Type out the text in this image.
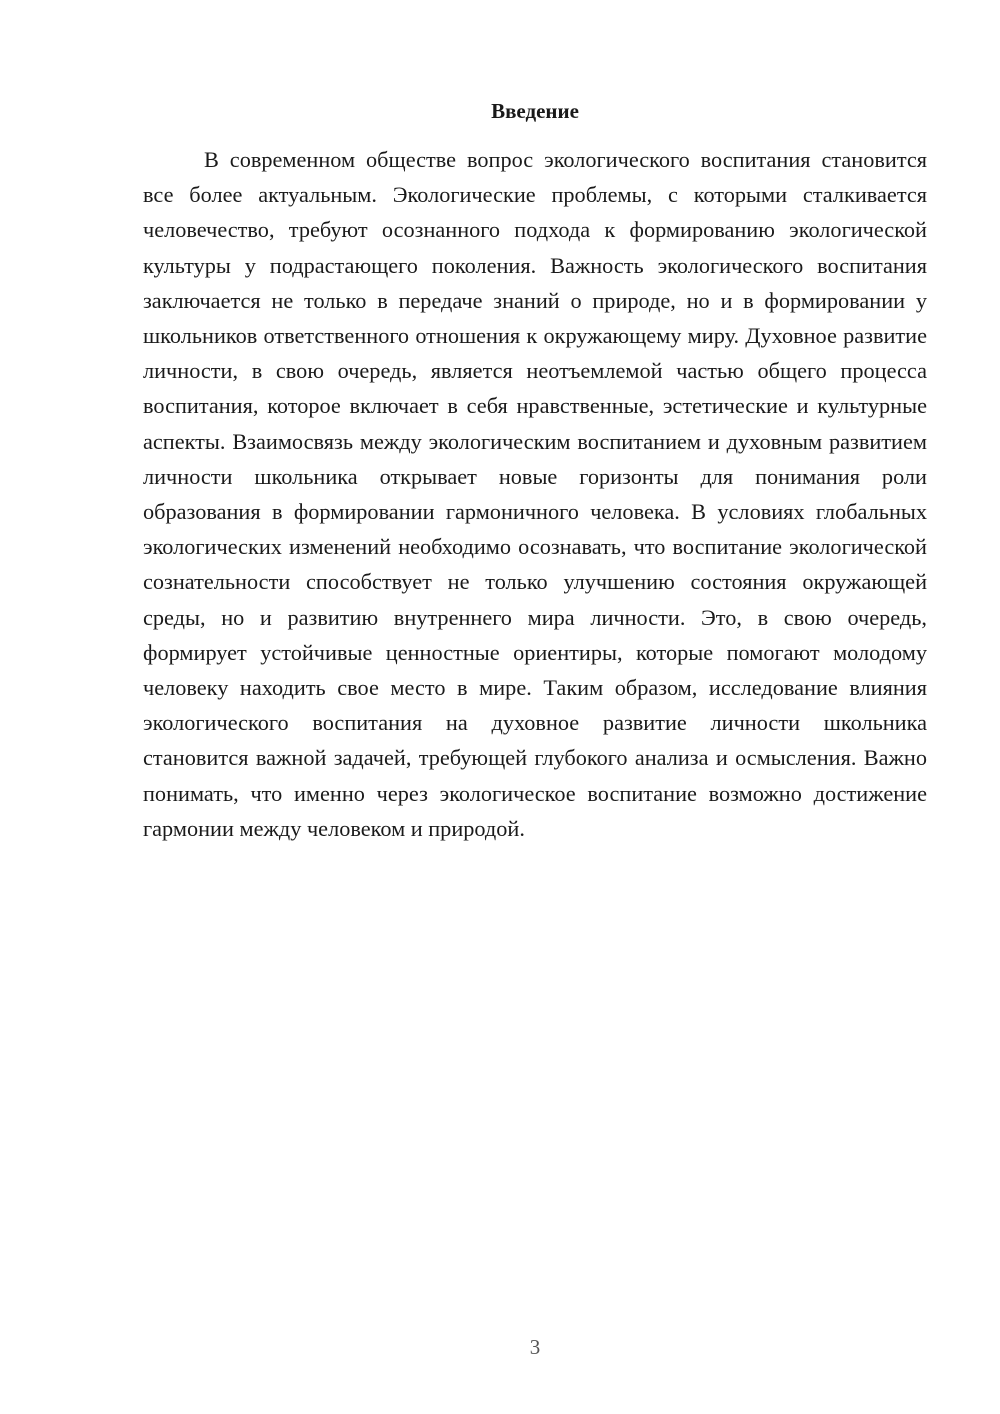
Введение

В современном обществе вопрос экологического воспитания становится все более актуальным. Экологические проблемы, с которыми сталкивается человечество, требуют осознанного подхода к формированию экологической культуры у подрастающего поколения. Важность экологического воспитания заключается не только в передаче знаний о природе, но и в формировании у школьников ответственного отношения к окружающему миру. Духовное развитие личности, в свою очередь, является неотъемлемой частью общего процесса воспитания, которое включает в себя нравственные, эстетические и культурные аспекты. Взаимосвязь между экологическим воспитанием и духовным развитием личности школьника открывает новые горизонты для понимания роли образования в формировании гармоничного человека. В условиях глобальных экологических изменений необходимо осознавать, что воспитание экологической сознательности способствует не только улучшению состояния окружающей среды, но и развитию внутреннего мира личности. Это, в свою очередь, формирует устойчивые ценностные ориентиры, которые помогают молодому человеку находить свое место в мире. Таким образом, исследование влияния экологического воспитания на духовное развитие личности школьника становится важной задачей, требующей глубокого анализа и осмысления. Важно понимать, что именно через экологическое воспитание возможно достижение гармонии между человеком и природой.

3
